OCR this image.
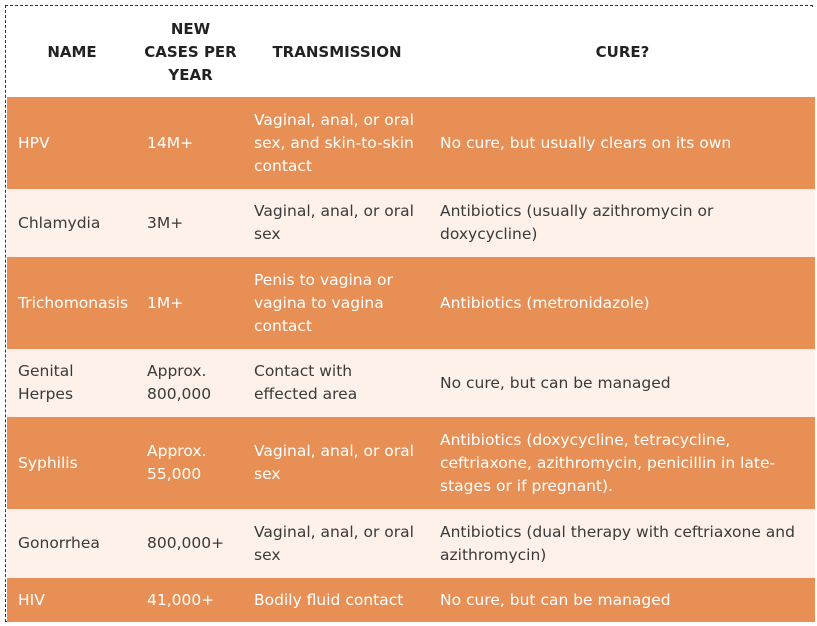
NAME	NEW CASES PER YEAR	TRANSMISSION	CURE?
HPV	14M+	Vaginal, anal, or oral sex, and skin-to-skin contact	No cure, but usually clears on its own
Chlamydia	3M+	Vaginal, anal, or oral sex	Antibiotics (usually azithromycin or doxycycline)
Trichomonasis	1M+	Penis to vagina or vagina to vagina contact	Antibiotics (metronidazole)
Genital Herpes	Approx. 800,000	Contact with effected area	No cure, but can be managed
Syphilis	Approx. 55,000	Vaginal, anal, or oral sex	Antibiotics (doxycycline, tetracycline, ceftriaxone, azithromycin, penicillin in late-stages or if pregnant).
Gonorrhea	800,000+	Vaginal, anal, or oral sex	Antibiotics (dual therapy with ceftriaxone and azithromycin)
HIV	41,000+	Bodily fluid contact	No cure, but can be managed
